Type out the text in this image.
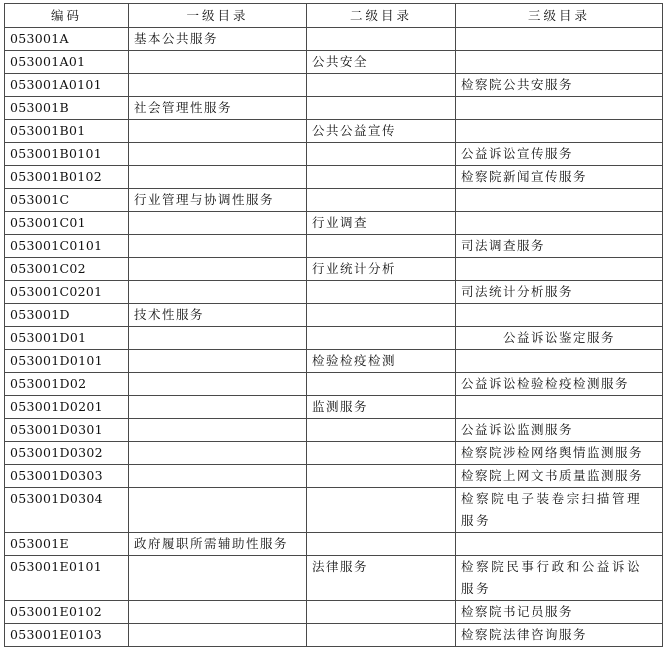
编码	一级目录	二级目录	三级目录
053001A	基本公共服务		
053001A01		公共安全	
053001A0101			检察院公共安服务
053001B	社会管理性服务		
053001B01		公共公益宣传	
053001B0101			公益诉讼宣传服务
053001B0102			检察院新闻宣传服务
053001C	行业管理与协调性服务		
053001C01		行业调查	
053001C0101			司法调查服务
053001C02		行业统计分析	
053001C0201			司法统计分析服务
053001D	技术性服务		
053001D01			公益诉讼鉴定服务
053001D0101		检验检疫检测	
053001D02			公益诉讼检验检疫检测服务
053001D0201		监测服务	
053001D0301			公益诉讼监测服务
053001D0302			检察院涉检网络舆情监测服务
053001D0303			检察院上网文书质量监测服务
053001D0304			检察院电子装卷宗扫描管理服务
053001E	政府履职所需辅助性服务		
053001E0101		法律服务	检察院民事行政和公益诉讼服务
053001E0102			检察院书记员服务
053001E0103			检察院法律咨询服务
